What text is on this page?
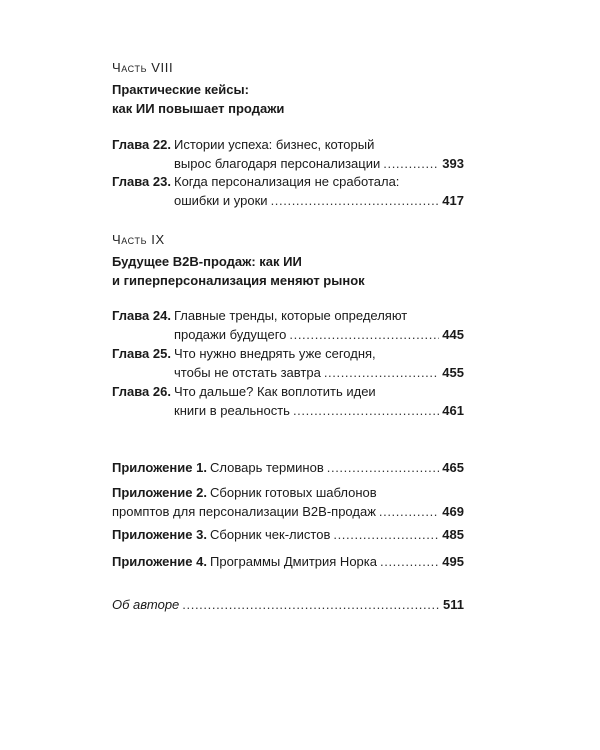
Часть VIII
Практические кейсы:
как ИИ повышает продажи
Глава 22. Истории успеха: бизнес, который
вырос благодаря персонализации . . .	393
Глава 23. Когда персонализация не сработала:
ошибки и уроки . . .	417
Часть IX
Будущее B2B-продаж: как ИИ
и гиперперсонализация меняют рынок
Глава 24. Главные тренды, которые определяют
продажи будущего . . .	445
Глава 25. Что нужно внедрять уже сегодня,
чтобы не отстать завтра . . .	455
Глава 26. Что дальше? Как воплотить идеи
книги в реальность . . .	461
Приложение 1. Словарь терминов . . .	465
Приложение 2. Сборник готовых шаблонов
промптов для персонализации B2B-продаж . . .	469
Приложение 3. Сборник чек-листов . . .	485
Приложение 4. Программы Дмитрия Норка . . .	495
Об авторе . . .	511
